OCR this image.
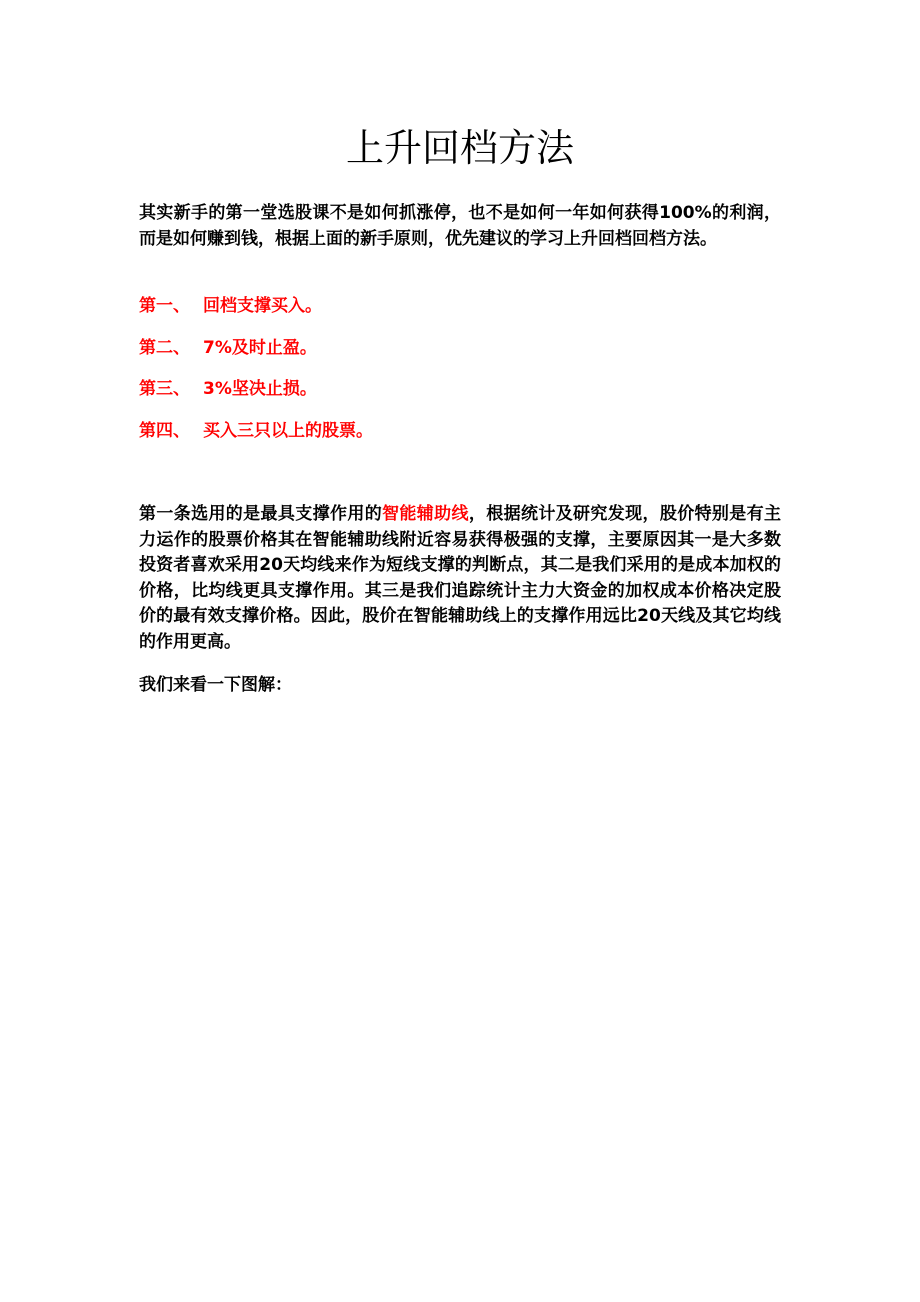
上升回档方法

其实新手的第一堂选股课不是如何抓涨停，也不是如何一年如何获得100%的利润，而是如何赚到钱，根据上面的新手原则，优先建议的学习上升回档回档方法。

第一、 回档支撑买入。

第二、 7%及时止盈。

第三、 3%坚决止损。

第四、 买入三只以上的股票。

第一条选用的是最具支撑作用的智能辅助线，根据统计及研究发现，股价特别是有主力运作的股票价格其在智能辅助线附近容易获得极强的支撑，主要原因其一是大多数投资者喜欢采用20天均线来作为短线支撑的判断点，其二是我们采用的是成本加权的价格，比均线更具支撑作用。其三是我们追踪统计主力大资金的加权成本价格决定股价的最有效支撑价格。因此，股价在智能辅助线上的支撑作用远比20天线及其它均线的作用更高。

我们来看一下图解：
